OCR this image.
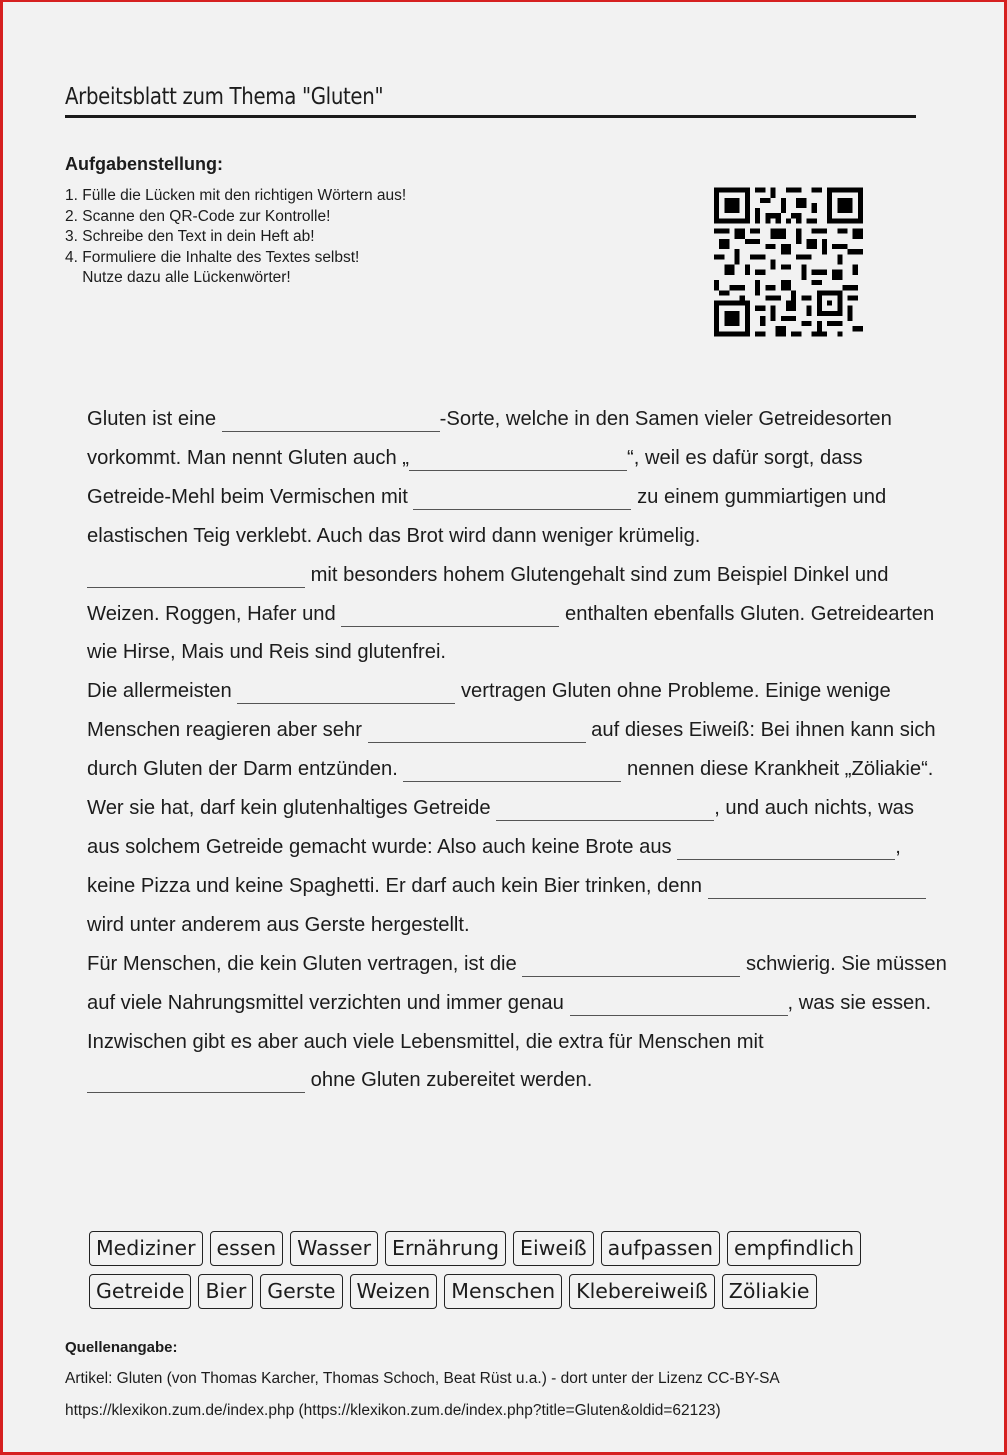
Arbeitsblatt zum Thema "Gluten"
Aufgabenstellung:
1. Fülle die Lücken mit den richtigen Wörtern aus!
2. Scanne den QR-Code zur Kontrolle!
3. Schreibe den Text in dein Heft ab!
4. Formuliere die Inhalte des Textes selbst!
Nutze dazu alle Lückenwörter!

Gluten ist eine	-Sorte, welche in den Samen vieler Getreidesorten vorkommt. Man nennt Gluten auch „	“, weil es dafür sorgt, dass Getreide-Mehl beim Vermischen mit	zu einem gummiartigen und elastischen Teig verklebt. Auch das Brot wird dann weniger krümelig.

mit besonders hohem Glutengehalt sind zum Beispiel Dinkel und Weizen. Roggen, Hafer und	enthalten ebenfalls Gluten. Getreidearten wie Hirse, Mais und Reis sind glutenfrei.

Die allermeisten	vertragen Gluten ohne Probleme. Einige wenige Menschen reagieren aber sehr	auf dieses Eiweiß: Bei ihnen kann sich durch Gluten der Darm entzünden.	nennen diese Krankheit „Zöliakie“. Wer sie hat, darf kein glutenhaltiges Getreide	, und auch nichts, was aus solchem Getreide gemacht wurde: Also auch keine Brote aus	, keine Pizza und keine Spaghetti. Er darf auch kein Bier trinken, denn  wird unter anderem aus Gerste hergestellt.

Für Menschen, die kein Gluten vertragen, ist die	schwierig. Sie müssen auf viele Nahrungsmittel verzichten und immer genau	, was sie essen. Inzwischen gibt es aber auch viele Lebensmittel, die extra für Menschen mit  ohne Gluten zubereitet werden.

Mediziner	essen	Wasser	Ernährung	Eiweiß	aufpassen	empfindlich
Getreide	Bier	Gerste	Weizen	Menschen	Klebereiweiß	Zöliakie
Quellenangabe:
Artikel: Gluten (von Thomas Karcher, Thomas Schoch, Beat Rüst u.a.) - dort unter der Lizenz CC-BY-SA
https://klexikon.zum.de/index.php (https://klexikon.zum.de/index.php?title=Gluten&oldid=62123)
